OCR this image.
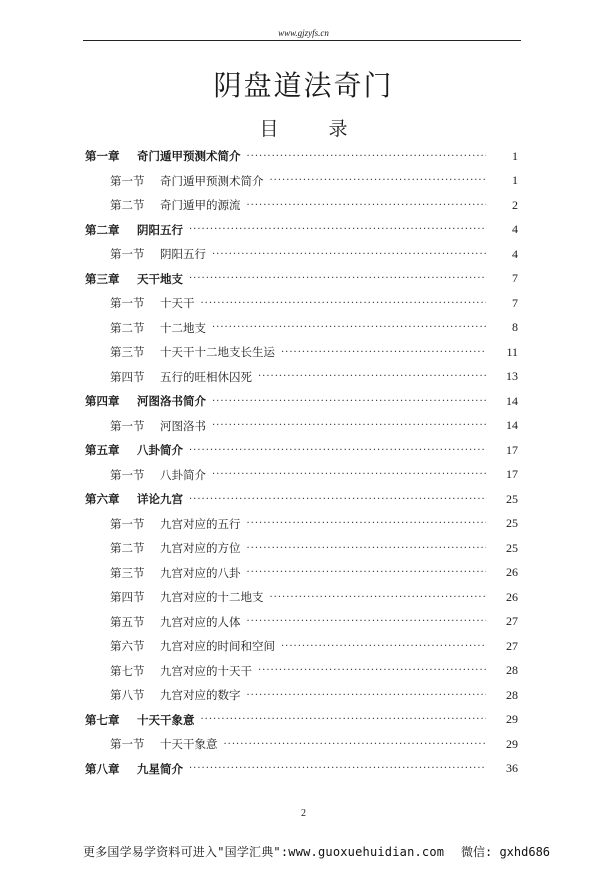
www.gjzyfs.cn
阴盘道法奇门
目 录
第一章 奇门遁甲预测术简介 ·····	1
第一节 奇门遁甲预测术简介 ·····	1
第二节 奇门遁甲的源流 ·····	2
第二章 阴阳五行 ·····	4
第一节 阴阳五行 ·····	4
第三章 天干地支 ·····	7
第一节 十天干 ·····	7
第二节 十二地支 ·····	8
第三节 十天干十二地支长生运 ·····	11
第四节 五行的旺相休囚死 ·····	13
第四章 河图洛书简介 ·····	14
第一节 河图洛书 ·····	14
第五章 八卦简介 ·····	17
第一节 八卦简介 ·····	17
第六章 详论九宫 ·····	25
第一节 九宫对应的五行 ·····	25
第二节 九宫对应的方位 ·····	25
第三节 九宫对应的八卦 ·····	26
第四节 九宫对应的十二地支 ·····	26
第五节 九宫对应的人体 ·····	27
第六节 九宫对应的时间和空间 ·····	27
第七节 九宫对应的十天干 ·····	28
第八节 九宫对应的数字 ·····	28
第七章 十天干象意 ·····	29
第一节 十天干象意 ·····	29
第八章 九星简介 ·····	36
2
更多国学易学资料可进入"国学汇典":www.guoxuehuidian.com 微信: gxhd686
